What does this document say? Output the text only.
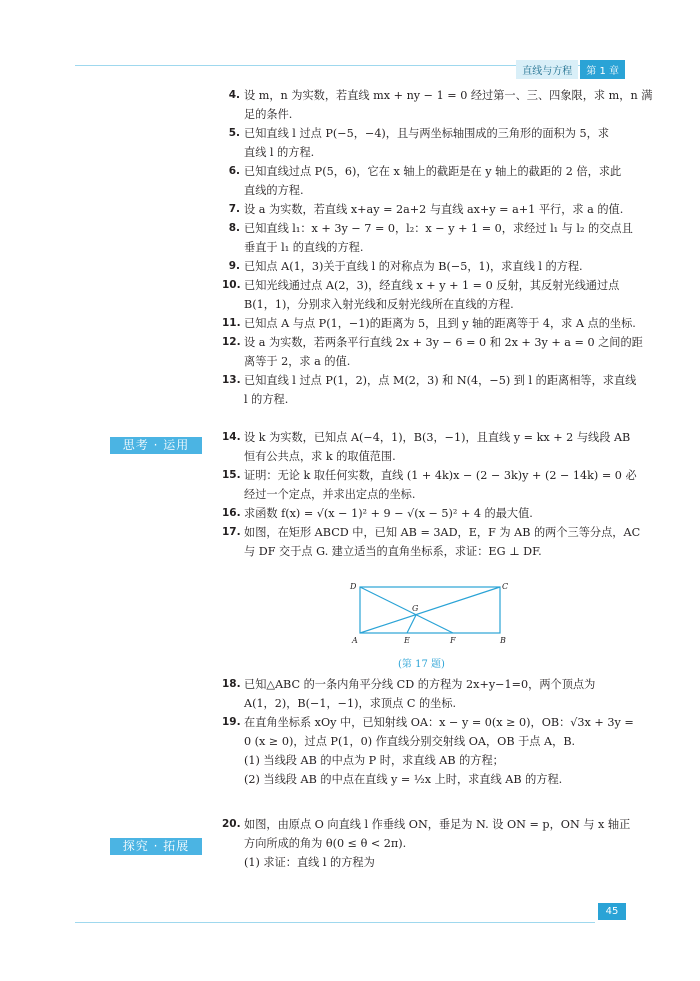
直线与方程	第 1 章
4. 设 m，n 为实数，若直线 mx + ny − 1 = 0 经过第一、三、四象限，求 m，n 满
足的条件.
5. 已知直线 l 过点 P(−5，−4)，且与两坐标轴围成的三角形的面积为 5，求
直线 l 的方程.
6. 已知直线过点 P(5，6)，它在 x 轴上的截距是在 y 轴上的截距的 2 倍，求此
直线的方程.
7. 设 a 为实数，若直线 x+ay = 2a+2 与直线 ax+y = a+1 平行，求 a 的值.
8. 已知直线 l₁：x + 3y − 7 = 0，l₂：x − y + 1 = 0，求经过 l₁ 与 l₂ 的交点且
垂直于 l₁ 的直线的方程.
9. 已知点 A(1，3)关于直线 l 的对称点为 B(−5，1)，求直线 l 的方程.
10. 已知光线通过点 A(2，3)，经直线 x + y + 1 = 0 反射，其反射光线通过点
B(1，1)，分别求入射光线和反射光线所在直线的方程.
11. 已知点 A 与点 P(1，−1)的距离为 5，且到 y 轴的距离等于 4，求 A 点的坐标.
12. 设 a 为实数，若两条平行直线 2x + 3y − 6 = 0 和 2x + 3y + a = 0 之间的距
离等于 2，求 a 的值.
13. 已知直线 l 过点 P(1，2)，点 M(2，3) 和 N(4，−5) 到 l 的距离相等，求直线
l 的方程.
14. 设 k 为实数，已知点 A(−4，1)，B(3，−1)，且直线 y = kx + 2 与线段 AB
恒有公共点，求 k 的取值范围.
15. 证明：无论 k 取任何实数，直线 (1 + 4k)x − (2 − 3k)y + (2 − 14k) = 0 必
经过一个定点，并求出定点的坐标.
16. 求函数 f(x) = √(x − 1)² + 9 − √(x − 5)² + 4 的最大值.
17. 如图，在矩形 ABCD 中，已知 AB = 3AD，E，F 为 AB 的两个三等分点，AC
与 DF 交于点 G. 建立适当的直角坐标系，求证：EG ⊥ DF.
18. 已知△ABC 的一条内角平分线 CD 的方程为 2x+y−1=0，两个顶点为
A(1，2)，B(−1，−1)，求顶点 C 的坐标.
19. 在直角坐标系 xOy 中，已知射线 OA：x − y = 0(x ≥ 0)，OB：√3x + 3y =
0 (x ≥ 0)，过点 P(1，0) 作直线分别交射线 OA，OB 于点 A，B.
(1) 当线段 AB 的中点为 P 时，求直线 AB 的方程；
(2) 当线段 AB 的中点在直线 y = ½x 上时，求直线 AB 的方程.
20. 如图，由原点 O 向直线 l 作垂线 ON，垂足为 N. 设 ON = p，ON 与 x 轴正
方向所成的角为 θ(0 ≤ θ < 2π).
(1) 求证：直线 l 的方程为
思考 · 运用
探究 · 拓展
D	C
A	B
E	F
G
(第 17 题)
45
